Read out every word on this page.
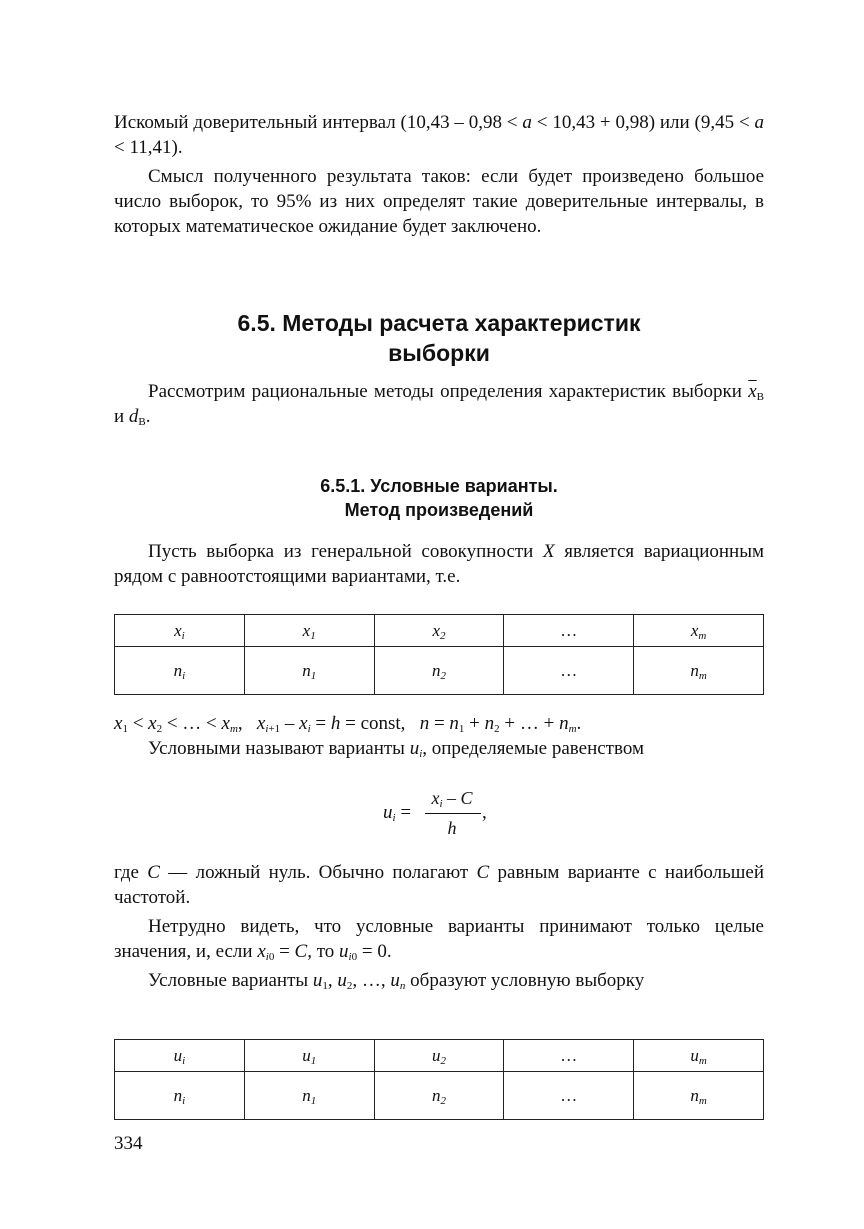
Искомый доверительный интервал (10,43 – 0,98 < a < 10,43 + 0,98) или (9,45 < a < 11,41).

Смысл полученного результата таков: если будет произведено большое число выборок, то 95% из них определят такие доверительные интервалы, в которых математическое ожидание будет заключено.

6.5. Методы расчета характеристик

выборки

Рассмотрим рациональные методы определения характеристик выборки $\overline{x}_В$ и $d_В$.

6.5.1. Условные варианты.

Метод произведений

Пусть выборка из генеральной совокупности X является вариационным рядом с равноотстоящими вариантами, т.е.

$x_i$	$x_1$	$x_2$	…	$x_m$
$n_i$	$n_1$	$n_2$	…	$n_m$

$x_1 < x_2$ < … < $x_m$,   $x_{i+1} - x_i = h$ = const,   $n = n_1 + n_2$ + … + $n_m$.

Условными называют варианты $u_i$, определяемые равенством

$u_i$ =
$x_i$ – C
h
,

где C — ложный нуль. Обычно полагают C равным варианте с наибольшей частотой.

Нетрудно видеть, что условные варианты принимают только целые значения, и, если $x_{i0} = C$, то $u_{i0} = 0$.

Условные варианты $u_1$, $u_2$, …, $u_n$ образуют условную выборку

$u_i$	$u_1$	$u_2$	…	$u_m$
$n_i$	$n_1$	$n_2$	…	$n_m$
334
